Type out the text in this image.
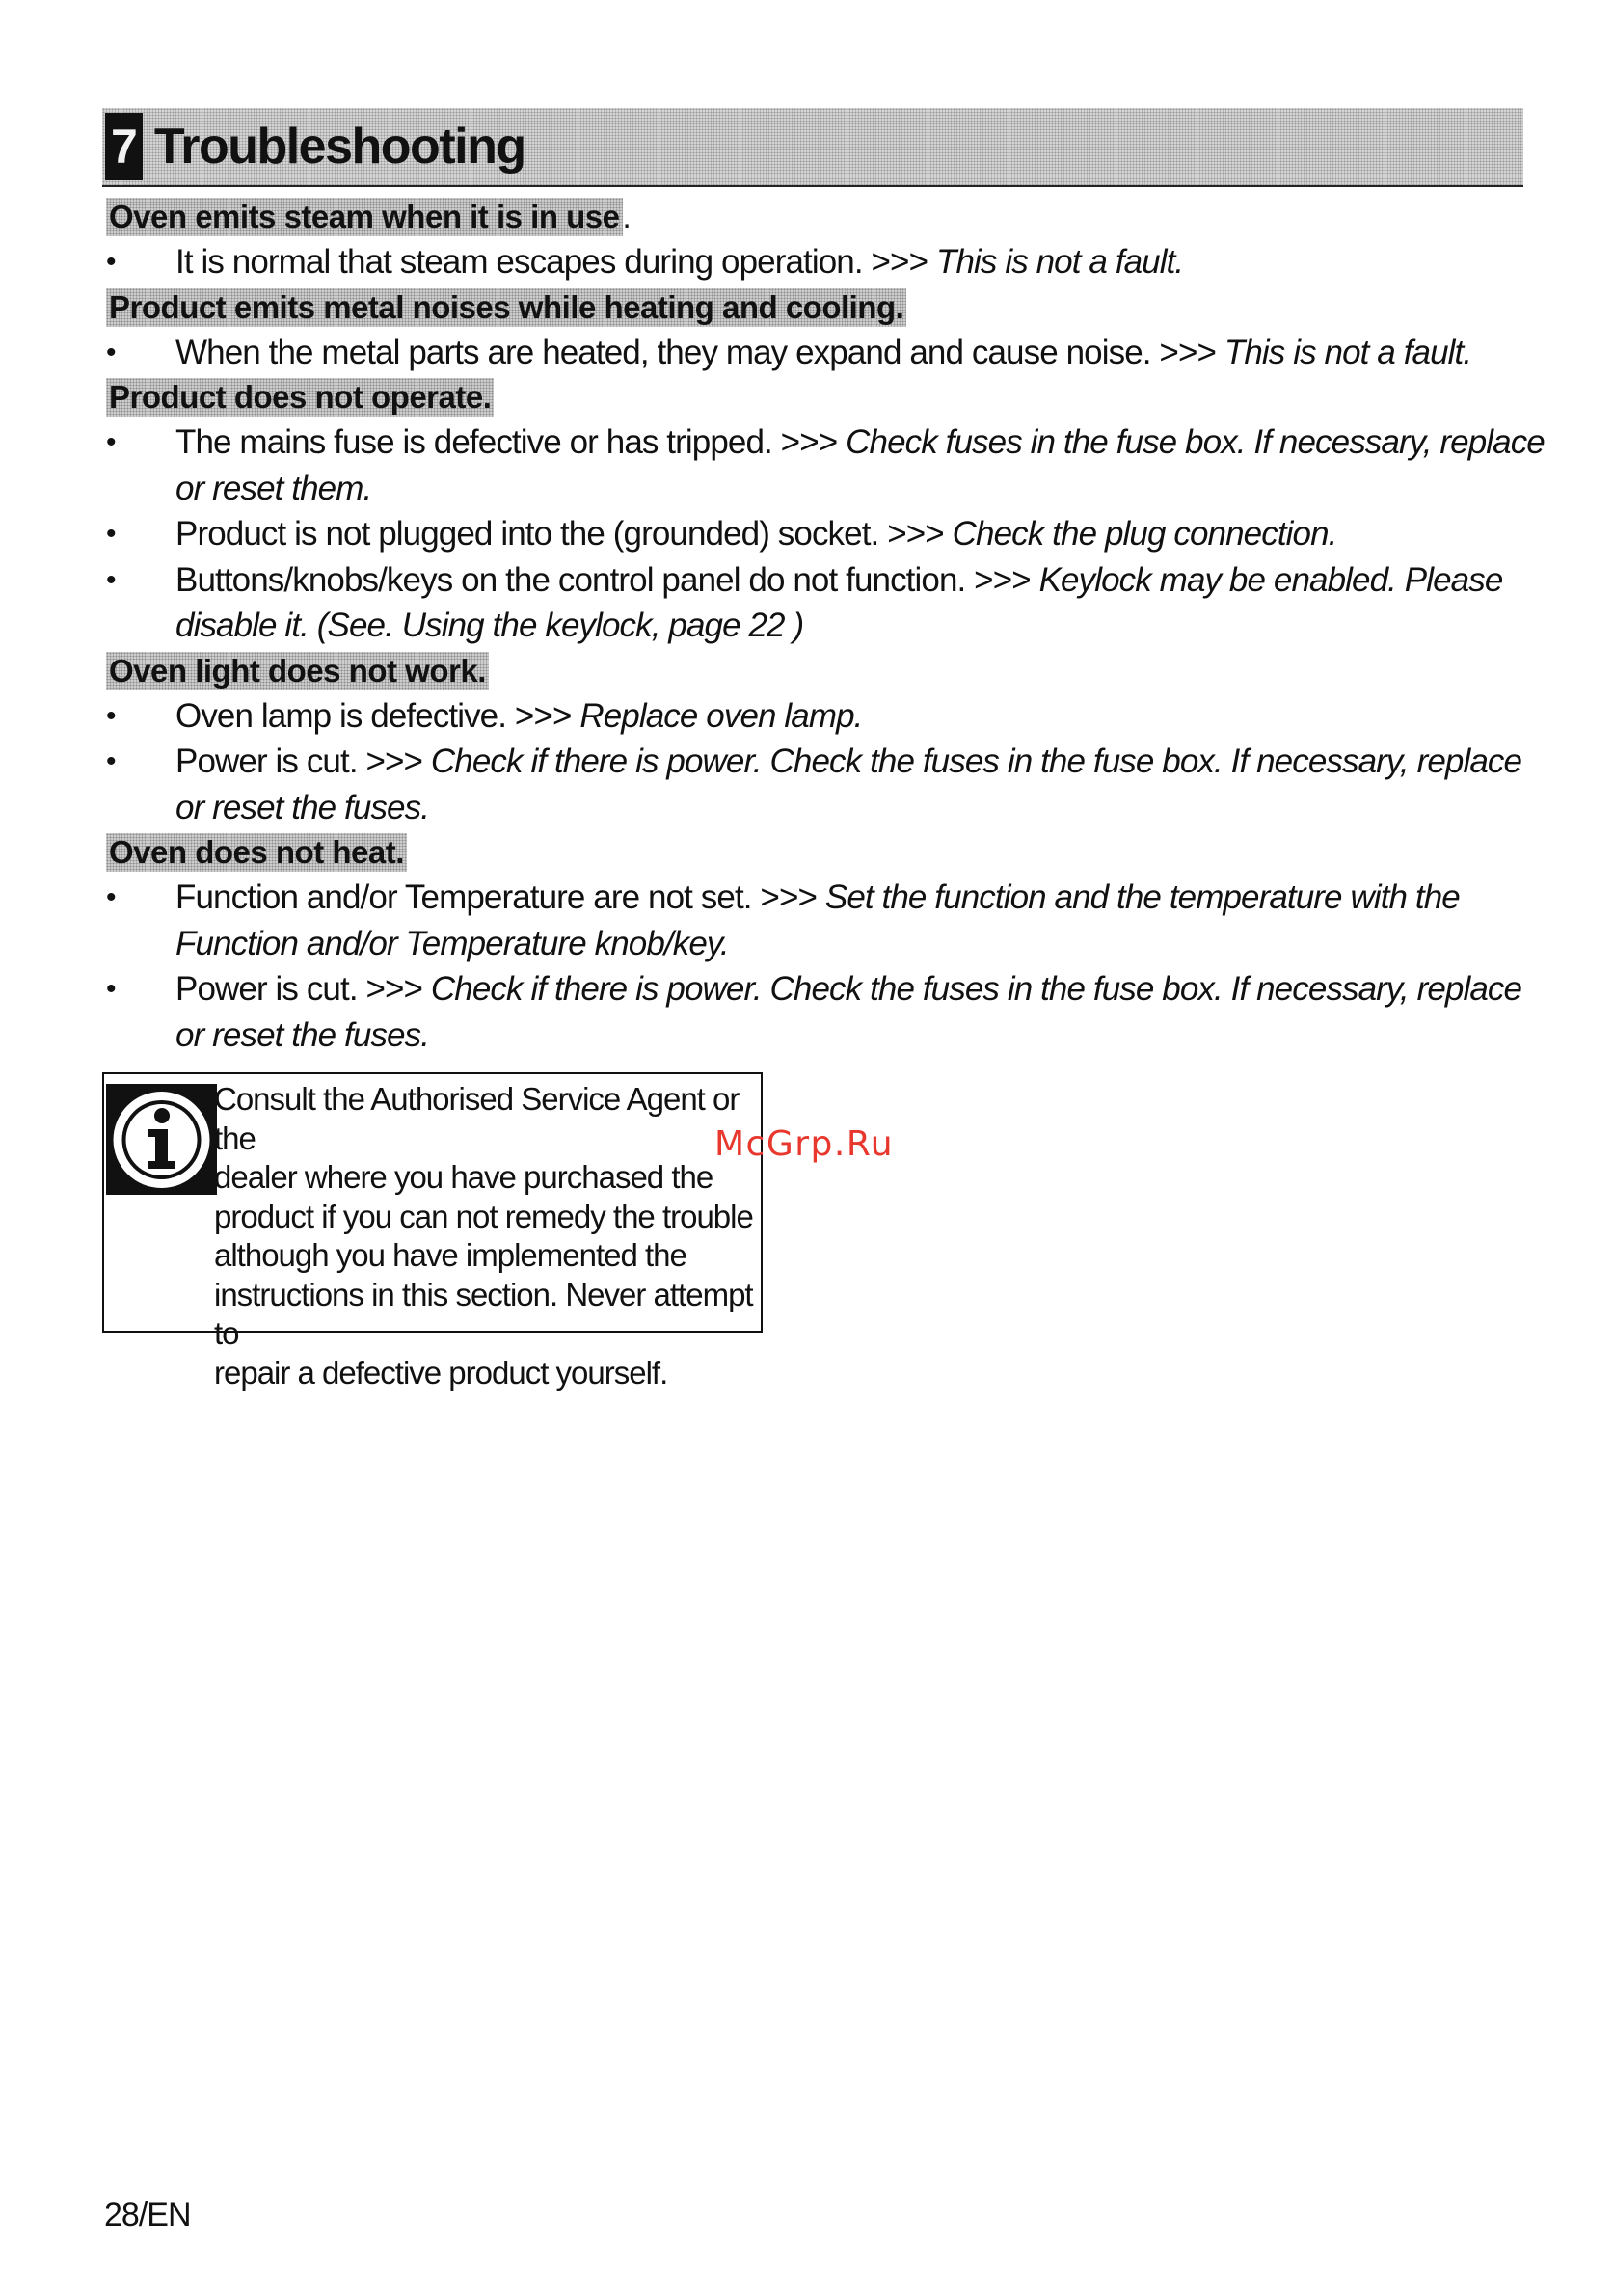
7 Troubleshooting
Oven emits steam when it is in use.
• It is normal that steam escapes during operation. >>> This is not a fault.
Product emits metal noises while heating and cooling.
• When the metal parts are heated, they may expand and cause noise. >>> This is not a fault.
Product does not operate.
• The mains fuse is defective or has tripped. >>> Check fuses in the fuse box. If necessary, replace or reset them.
• Product is not plugged into the (grounded) socket. >>> Check the plug connection.
• Buttons/knobs/keys on the control panel do not function. >>> Keylock may be enabled. Please disable it. (See. Using the keylock, page 22 )
Oven light does not work.
• Oven lamp is defective. >>> Replace oven lamp.
• Power is cut. >>> Check if there is power. Check the fuses in the fuse box. If necessary, replace or reset the fuses.
Oven does not heat.
• Function and/or Temperature are not set. >>> Set the function and the temperature with the Function and/or Temperature knob/key.
• Power is cut. >>> Check if there is power. Check the fuses in the fuse box. If necessary, replace or reset the fuses.
Consult the Authorised Service Agent or the
dealer where you have purchased the
product if you can not remedy the trouble
although you have implemented the
instructions in this section. Never attempt to
repair a defective product yourself.
McGrp.Ru
28/EN
